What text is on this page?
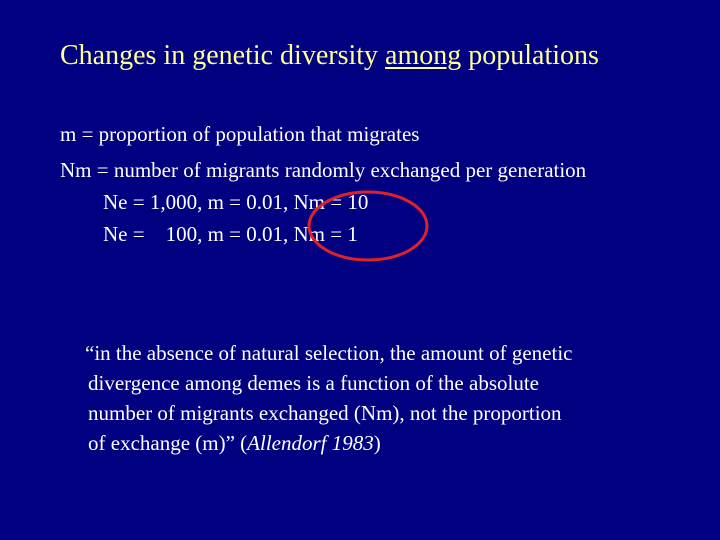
Changes in genetic diversity among populations
m = proportion of population that migrates
Nm = number of migrants randomly exchanged per generation
Ne = 1,000, m = 0.01, Nm = 10
Ne =    100, m = 0.01, Nm = 1
“in the absence of natural selection, the amount of genetic
divergence among demes is a function of the absolute
number of migrants exchanged (Nm), not the proportion
of exchange (m)” (Allendorf 1983)
